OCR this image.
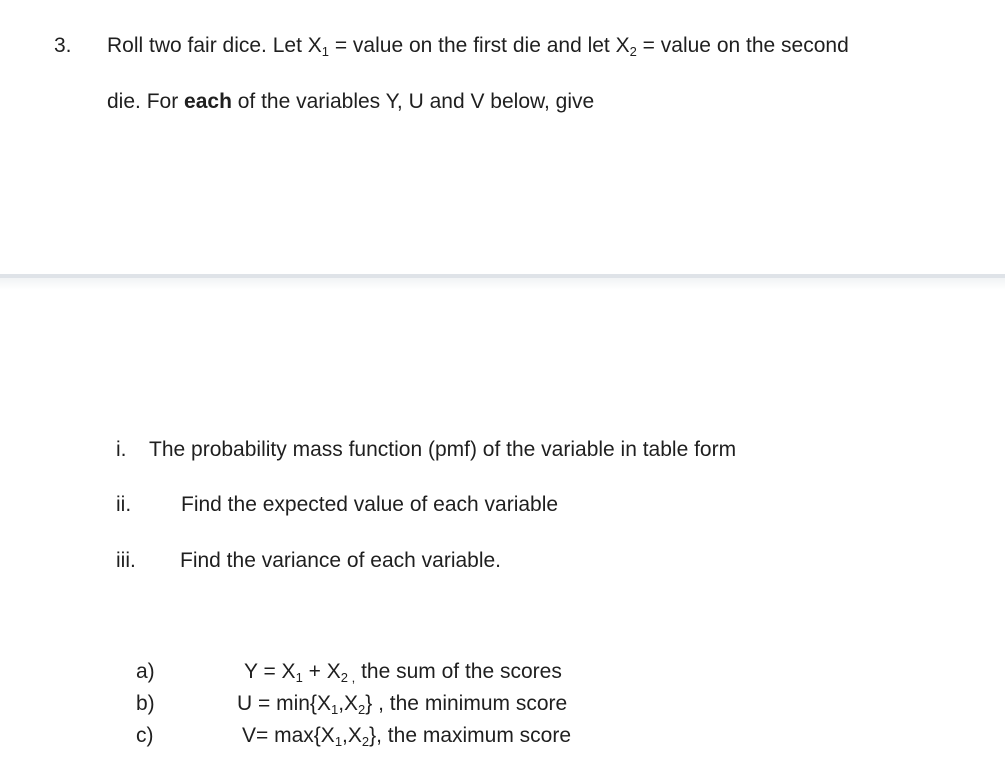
3. Roll two fair dice. Let $X_1$ = value on the first die and let $X_2$ = value on the second
die. For each of the variables Y, U and V below, give
i. The probability mass function (pmf) of the variable in table form
ii. Find the expected value of each variable
iii. Find the variance of each variable.
a)	$Y = X_1 + X_{2 ,}$ the sum of the scores
b)	$U = \min\{X_1,X_2\}$ , the minimum score
c)	$V= \max\{X_1,X_2\}$, the maximum score
